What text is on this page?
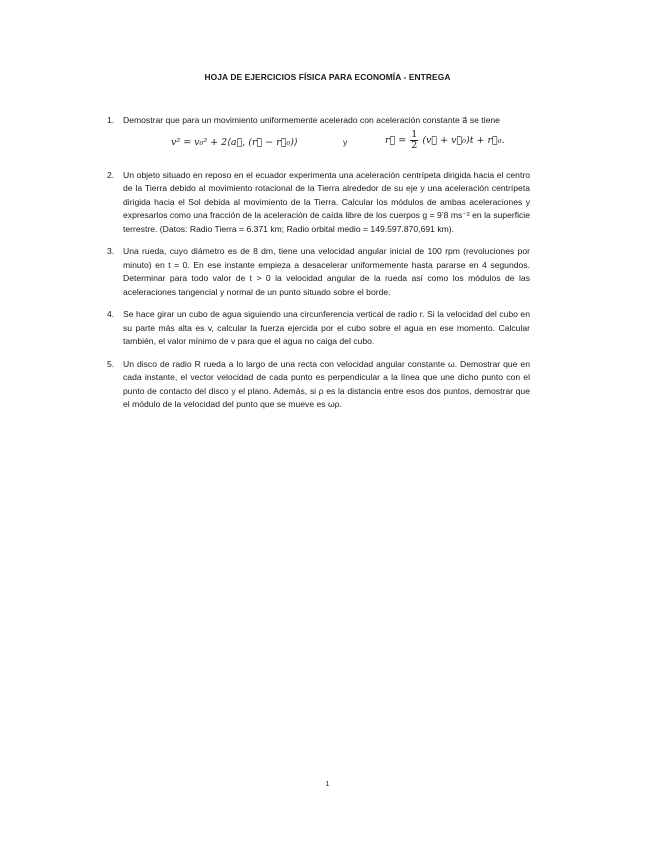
HOJA DE EJERCICIOS FÍSICA PARA ECONOMÍA - ENTREGA
1.	Demostrar que para un movimiento uniformemente acelerado con aceleración constante a⃗ se tiene
v² = v₀² + 2⟨a⃗, (r⃗ − r⃗₀)⟩	y	r⃗ = $\frac{1}{2}$ (v⃗ + v⃗₀)t + r⃗₀.
2.	Un objeto situado en reposo en el ecuador experimenta una aceleración centrípeta dirigida hacia el centro de la Tierra debido al movimiento rotacional de la Tierra alrededor de su eje y una aceleración centrípeta dirigida hacia el Sol debida al movimiento de la Tierra. Calcular los módulos de ambas aceleraciones y expresarlos como una fracción de la aceleración de caída libre de los cuerpos g = 9’8 ms⁻² en la superficie terrestre. (Datos: Radio Tierra = 6.371 km; Radio orbital medio = 149.597.870,691 km).
3.	Una rueda, cuyo diámetro es de 8 dm, tiene una velocidad angular inicial de 100 rpm (revoluciones por minuto) en t = 0. En ese instante empieza a desacelerar uniformemente hasta pararse en 4 segundos. Determinar para todo valor de t > 0 la velocidad angular de la rueda así como los módulos de las aceleraciones tangencial y normal de un punto situado sobre el borde.
4.	Se hace girar un cubo de agua siguiendo una circunferencia vertical de radio r. Si la velocidad del cubo en su parte más alta es v, calcular la fuerza ejercida por el cubo sobre el agua en ese momento. Calcular también, el valor mínimo de v para que el agua no caiga del cubo.
5.	Un disco de radio R rueda a lo largo de una recta con velocidad angular constante ω. Demostrar que en cada instante, el vector velocidad de cada punto es perpendicular a la línea que une dicho punto con el punto de contacto del disco y el plano. Además, si ρ es la distancia entre esos dos puntos, demostrar que el módulo de la velocidad del punto que se mueve es ωρ.
1
